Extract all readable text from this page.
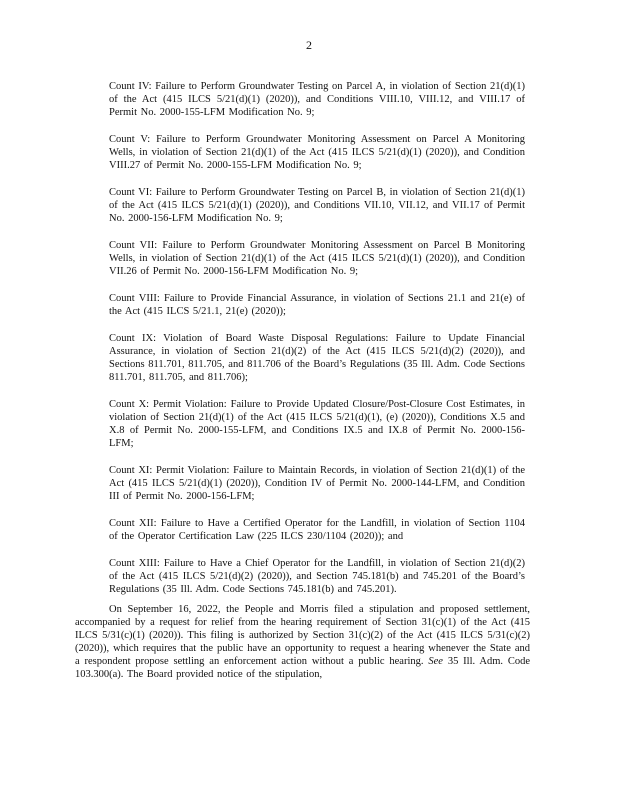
2

Count IV: Failure to Perform Groundwater Testing on Parcel A, in violation of Section 21(d)(1) of the Act (415 ILCS 5/21(d)(1) (2020)), and Conditions VIII.10, VIII.12, and VIII.17 of Permit No. 2000-155-LFM Modification No. 9;

Count V: Failure to Perform Groundwater Monitoring Assessment on Parcel A Monitoring Wells, in violation of Section 21(d)(1) of the Act (415 ILCS 5/21(d)(1) (2020)), and Condition VIII.27 of Permit No. 2000-155-LFM Modification No. 9;

Count VI: Failure to Perform Groundwater Testing on Parcel B, in violation of Section 21(d)(1) of the Act (415 ILCS 5/21(d)(1) (2020)), and Conditions VII.10, VII.12, and VII.17 of Permit No. 2000-156-LFM Modification No. 9;

Count VII: Failure to Perform Groundwater Monitoring Assessment on Parcel B Monitoring Wells, in violation of Section 21(d)(1) of the Act (415 ILCS 5/21(d)(1) (2020)), and Condition VII.26 of Permit No. 2000-156-LFM Modification No. 9;

Count VIII: Failure to Provide Financial Assurance, in violation of Sections 21.1 and 21(e) of the Act (415 ILCS 5/21.1, 21(e) (2020));

Count IX: Violation of Board Waste Disposal Regulations: Failure to Update Financial Assurance, in violation of Section 21(d)(2) of the Act (415 ILCS 5/21(d)(2) (2020)), and Sections 811.701, 811.705, and 811.706 of the Board’s Regulations (35 Ill. Adm. Code Sections 811.701, 811.705, and 811.706);

Count X: Permit Violation: Failure to Provide Updated Closure/Post-Closure Cost Estimates, in violation of Section 21(d)(1) of the Act (415 ILCS 5/21(d)(1), (e) (2020)), Conditions X.5 and X.8 of Permit No. 2000-155-LFM, and Conditions IX.5 and IX.8 of Permit No. 2000-156-LFM;

Count XI: Permit Violation: Failure to Maintain Records, in violation of Section 21(d)(1) of the Act (415 ILCS 5/21(d)(1) (2020)), Condition IV of Permit No. 2000-144-LFM, and Condition III of Permit No. 2000-156-LFM;

Count XII: Failure to Have a Certified Operator for the Landfill, in violation of Section 1104 of the Operator Certification Law (225 ILCS 230/1104 (2020)); and

Count XIII: Failure to Have a Chief Operator for the Landfill, in violation of Section 21(d)(2) of the Act (415 ILCS 5/21(d)(2) (2020)), and Section 745.181(b) and 745.201 of the Board’s Regulations (35 Ill. Adm. Code Sections 745.181(b) and 745.201).

On September 16, 2022, the People and Morris filed a stipulation and proposed settlement, accompanied by a request for relief from the hearing requirement of Section 31(c)(1) of the Act (415 ILCS 5/31(c)(1) (2020)). This filing is authorized by Section 31(c)(2) of the Act (415 ILCS 5/31(c)(2) (2020)), which requires that the public have an opportunity to request a hearing whenever the State and a respondent propose settling an enforcement action without a public hearing. See 35 Ill. Adm. Code 103.300(a). The Board provided notice of the stipulation,
